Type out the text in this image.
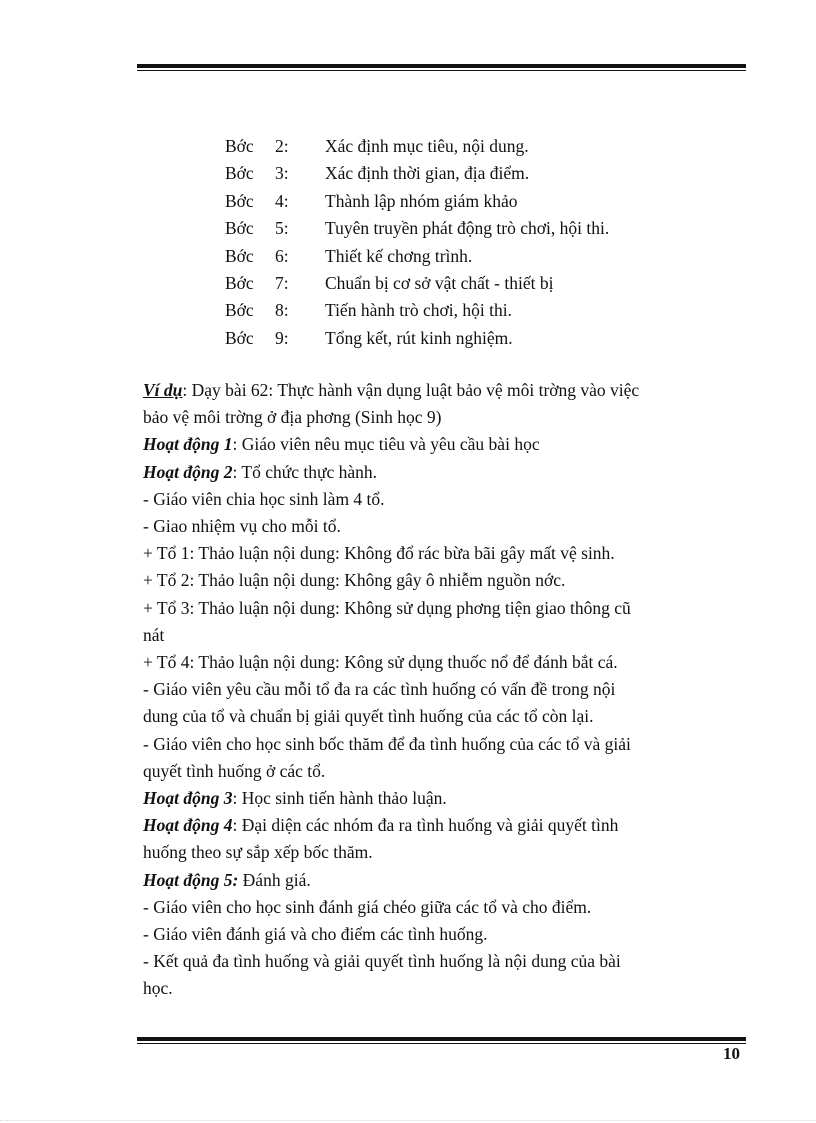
Bớc 2: Xác định mục tiêu, nội dung.
Bớc 3: Xác định thời gian, địa điểm.
Bớc 4: Thành lập nhóm giám khảo
Bớc 5: Tuyên truyền phát động trò chơi, hội thi.
Bớc 6: Thiết kế chơng trình.
Bớc 7: Chuẩn bị cơ sở vật chất - thiết bị
Bớc 8: Tiến hành trò chơi, hội thi.
Bớc 9: Tổng kết, rút kinh nghiệm.
Ví dụ: Dạy bài 62: Thực hành vận dụng luật bảo vệ môi trờng vào việc
bảo vệ môi trờng ở địa phơng (Sinh học 9)
Hoạt động 1: Giáo viên nêu mục tiêu và yêu cầu bài học
Hoạt động 2: Tổ chức thực hành.
- Giáo viên chia học sinh làm 4 tổ.
- Giao nhiệm vụ cho mỗi tổ.
+ Tổ 1: Thảo luận nội dung: Không đổ rác bừa bãi gây mất vệ sinh.
+ Tổ 2: Thảo luận nội dung: Không gây ô nhiễm nguồn nớc.
+ Tổ 3: Thảo luận nội dung: Không sử dụng phơng tiện giao thông cũ
nát
+ Tổ 4: Thảo luận nội dung: Kông sử dụng thuốc nổ để đánh bắt cá.
- Giáo viên yêu cầu mỗi tổ đa ra các tình huống có vấn đề trong nội
dung của tổ và chuẩn bị giải quyết tình huống của các tổ còn lại.
- Giáo viên cho học sinh bốc thăm để đa tình huống của các tổ và giải
quyết tình huống ở các tổ.
Hoạt động 3: Học sinh tiến hành thảo luận.
Hoạt động 4: Đại diện các nhóm đa ra tình huống và giải quyết tình
huống theo sự sắp xếp bốc thăm.
Hoạt động 5: Đánh giá.
- Giáo viên cho học sinh đánh giá chéo giữa các tổ và cho điểm.
- Giáo viên đánh giá và cho điểm các tình huống.
- Kết quả đa tình huống và giải quyết tình huống là nội dung của bài
học.
10
